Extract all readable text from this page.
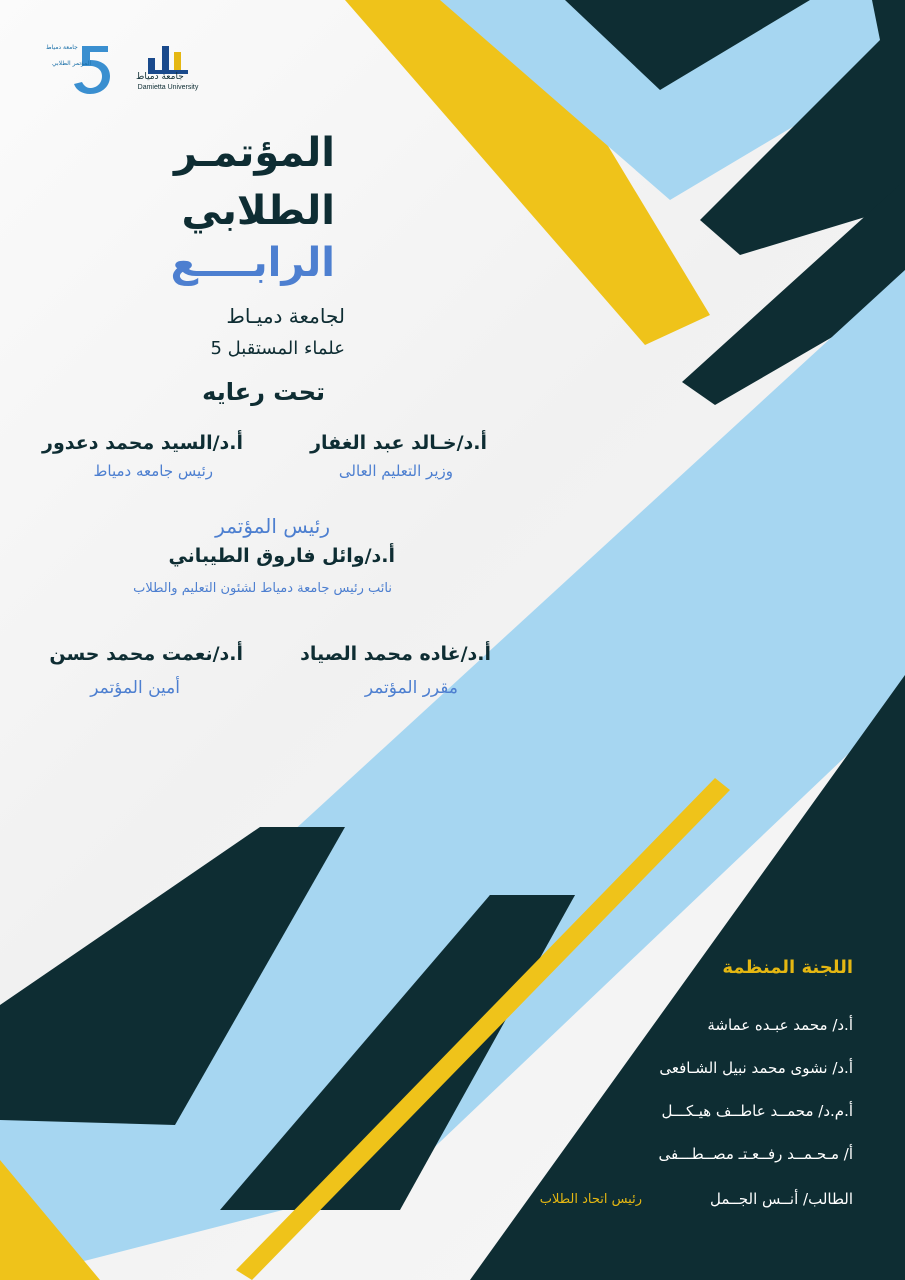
جامعة دمياط
Damietta University
جامعة دمياط
المؤتمر الطلابي

المؤتمـر

الطلابي

الرابــــع

لجامعة دميـاط

علماء المستقبل 5

تحت رعايه

أ.د/خـالد عبد الغفار

وزير التعليم العالى

أ.د/السيد محمد دعدور

رئيس جامعه دمياط

رئيس المؤتمر

أ.د/وائل فاروق الطيباني

نائب رئيس جامعة دمياط لشئون التعليم والطلاب

أ.د/غاده محمد الصياد

مقرر المؤتمر

أ.د/نعمت محمد حسن

أمين المؤتمر

اللجنة المنظمة

أ.د/ محمد عبـده عماشة

أ.د/ نشوى محمد نبيل الشـافعى

أ.م.د/ محمــد عاطــف هيـكـــل

أ/ مـحـمــد رفــعـتـ مصــطـــفى

الطالب/ أنــس الجــمل

رئيس اتحاد الطلاب
